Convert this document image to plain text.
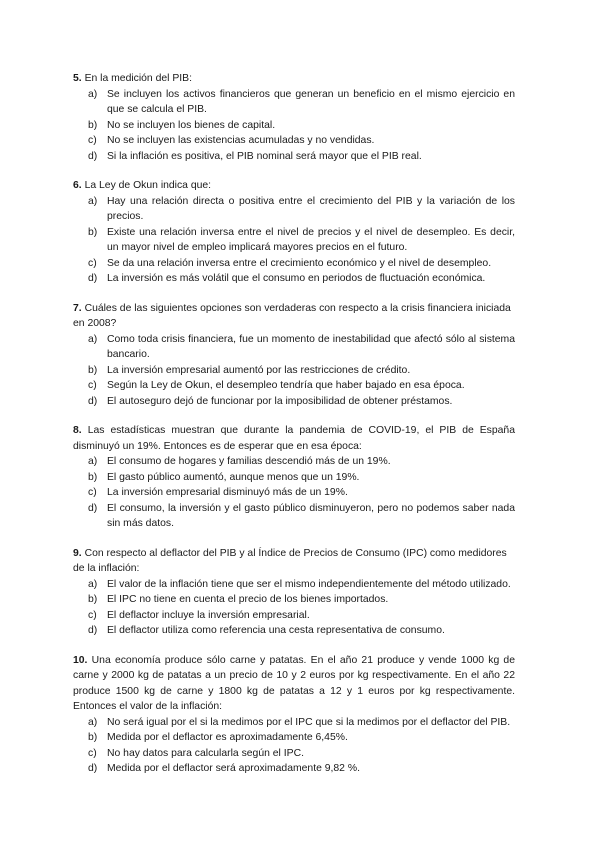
5. En la medición del PIB:
a) Se incluyen los activos financieros que generan un beneficio en el mismo ejercicio en que se calcula el PIB.
b) No se incluyen los bienes de capital.
c) No se incluyen las existencias acumuladas y no vendidas.
d) Si la inflación es positiva, el PIB nominal será mayor que el PIB real.
6. La Ley de Okun indica que:
a) Hay una relación directa o positiva entre el crecimiento del PIB y la variación de los precios.
b) Existe una relación inversa entre el nivel de precios y el nivel de desempleo. Es decir, un mayor nivel de empleo implicará mayores precios en el futuro.
c) Se da una relación inversa entre el crecimiento económico y el nivel de desempleo.
d) La inversión es más volátil que el consumo en periodos de fluctuación económica.
7. Cuáles de las siguientes opciones son verdaderas con respecto a la crisis financiera iniciada en 2008?
a) Como toda crisis financiera, fue un momento de inestabilidad que afectó sólo al sistema bancario.
b) La inversión empresarial aumentó por las restricciones de crédito.
c) Según la Ley de Okun, el desempleo tendría que haber bajado en esa época.
d) El autoseguro dejó de funcionar por la imposibilidad de obtener préstamos.
8. Las estadísticas muestran que durante la pandemia de COVID-19, el PIB de España disminuyó un 19%. Entonces es de esperar que en esa época:
a) El consumo de hogares y familias descendió más de un 19%.
b) El gasto público aumentó, aunque menos que un 19%.
c) La inversión empresarial disminuyó más de un 19%.
d) El consumo, la inversión y el gasto público disminuyeron, pero no podemos saber nada sin más datos.
9. Con respecto al deflactor del PIB y al Índice de Precios de Consumo (IPC) como medidores de la inflación:
a) El valor de la inflación tiene que ser el mismo independientemente del método utilizado.
b) El IPC no tiene en cuenta el precio de los bienes importados.
c) El deflactor incluye la inversión empresarial.
d) El deflactor utiliza como referencia una cesta representativa de consumo.
10. Una economía produce sólo carne y patatas. En el año 21 produce y vende 1000 kg de carne y 2000 kg de patatas a un precio de 10 y 2 euros por kg respectivamente. En el año 22 produce 1500 kg de carne y 1800 kg de patatas a 12 y 1 euros por kg respectivamente. Entonces el valor de la inflación:
a) No será igual por el si la medimos por el IPC que si la medimos por el deflactor del PIB.
b) Medida por el deflactor es aproximadamente 6,45%.
c) No hay datos para calcularla según el IPC.
d) Medida por el deflactor será aproximadamente 9,82 %.
